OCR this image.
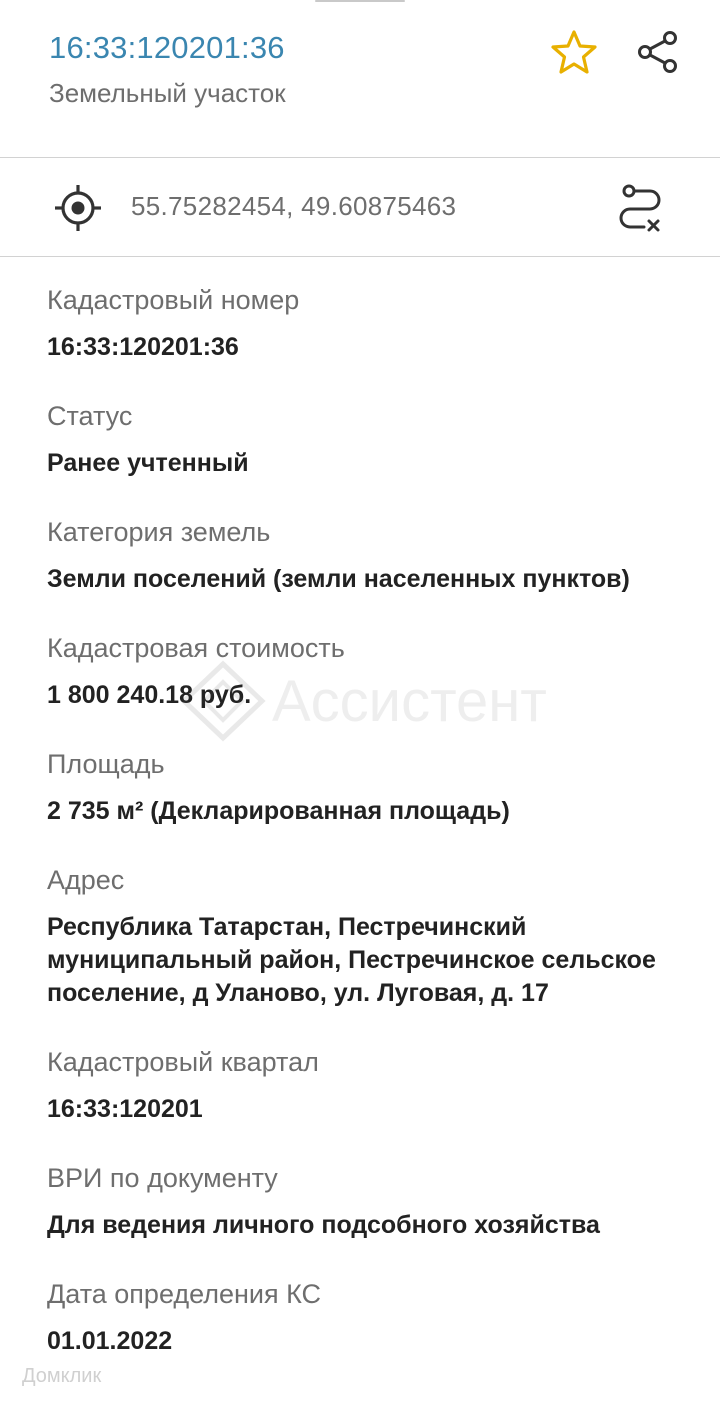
16:33:120201:36
Земельный участок
55.75282454, 49.60875463
Кадастровый номер
16:33:120201:36
Статус
Ранее учтенный
Категория земель
Земли поселений (земли населенных пунктов)
Кадастровая стоимость
1 800 240.18 руб.
Площадь
2 735 м² (Декларированная площадь)
Адрес
Республика Татарстан, Пестречинский муниципальный район, Пестречинское сельское поселение, д Уланово, ул. Луговая, д. 17
Кадастровый квартал
16:33:120201
ВРИ по документу
Для ведения личного подсобного хозяйства
Дата определения КС
01.01.2022
Ассистент
Домклик
